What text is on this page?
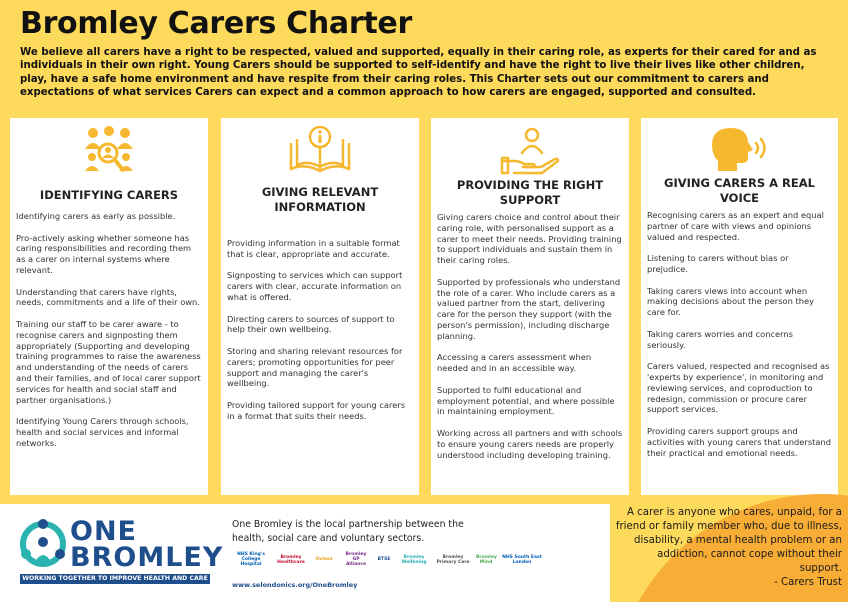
Bromley Carers Charter
We believe all carers have a right to be respected, valued and supported, equally in their caring role, as experts for their cared for and as individuals in their own right. Young Carers should be supported to self-identify and have the right to live their lives like other children, play, have a safe home environment and have respite from their caring roles. This Charter sets out our commitment to carers and expectations of what services Carers can expect and a common approach to how carers are engaged, supported and consulted.
IDENTIFYING CARERS

Identifying carers as early as possible.

Pro-actively asking whether someone has caring responsibilities and recording them as a carer on internal systems where relevant.

Understanding that carers have rights, needs, commitments and a life of their own.

Training our staff to be carer aware - to recognise carers and signposting them appropriately (Supporting and developing training programmes to raise the awareness and understanding of the needs of carers and their families, and of local carer support services for health and social staff and partner organisations.)

Identifying Young Carers through schools, health and social services and informal networks.

GIVING RELEVANT INFORMATION

Providing information in a suitable format that is clear, appropriate and accurate.

Signposting to services which can support carers with clear, accurate information on what is offered.

Directing carers to sources of support to help their own wellbeing.

Storing and sharing relevant resources for carers; promoting opportunities for peer support and managing the carer's wellbeing.

Providing tailored support for young carers in a format that suits their needs.

PROVIDING THE RIGHT SUPPORT

Giving carers choice and control about their caring role, with personalised support as a carer to meet their needs. Providing training to support individuals and sustain them in their caring roles.

Supported by professionals who understand the role of a carer. Who include carers as a valued partner from the start, delivering care for the person they support (with the person's permission), including discharge planning.

Accessing a carers assessment when needed and in an accessible way.

Supported to fulfil educational and employment potential, and where possible in maintaining employment.

Working across all partners and with schools to ensure young carers needs are properly understood including developing training.

GIVING CARERS A REAL VOICE

Recognising carers as an expert and equal partner of care with views and opinions valued and respected.

Listening to carers without bias or prejudice.

Taking carers views into account when making decisions about the person they care for.

Taking carers worries and concerns seriously.

Carers valued, respected and recognised as 'experts by experience', in monitoring and reviewing services, and coproduction to redesign, commission or procure carer support services.

Providing carers support groups and activities with young carers that understand their practical and emotional needs.

ONE
BROMLEY
WORKING TOGETHER TO IMPROVE HEALTH AND CARE
One Bromley is the local partnership between the health, social care and voluntary sectors.
NHS King's College Hospital
Bromley Healthcare	Oxleas
Bromley GP Alliance
BTSE	Bromley Wellbeing
Bromley Primary Care
Bromley Mind
NHS South East London
www.selondonics.org/OneBromley
A carer is anyone who cares, unpaid, for a friend or family member who, due to illness, disability, a mental health problem or an addiction, cannot cope without their support.
- Carers Trust
